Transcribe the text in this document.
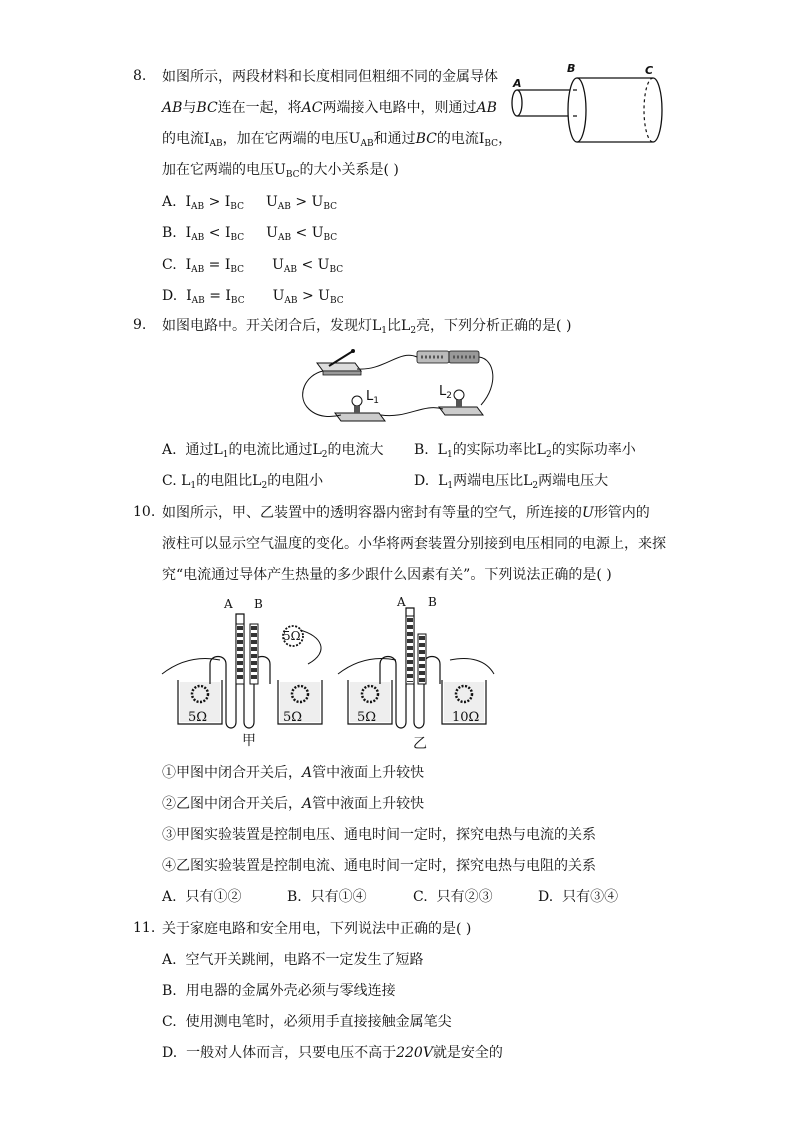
8. 如图所示，两段材料和长度相同但粗细不同的金属导体
AB与BC连在一起，将AC两端接入电路中，则通过AB
的电流$I_{AB}$，加在它两端的电压$U_{AB}$和通过BC的电流$I_{BC}$，
加在它两端的电压$U_{BC}$的大小关系是( )
A
B	C
A. $I_{AB} > I_{BC}$ $U_{AB} > U_{BC}$
B. $I_{AB} < I_{BC}$ $U_{AB} < U_{BC}$
C. $I_{AB} = I_{BC}$ $U_{AB} < U_{BC}$
D. $I_{AB} = I_{BC}$ $U_{AB} > U_{BC}$
9. 如图电路中。开关闭合后，发现灯$L_1$比$L_2$亮，下列分析正确的是( )
$L_1$
$L_2$
A. 通过$L_1$的电流比通过$L_2$的电流大 B. $L_1$的实际功率比$L_2$的实际功率小
C. $L_1$的电阻比$L_2$的电阻小	D. $L_1$两端电压比$L_2$两端电压大
10. 如图所示，甲、乙装置中的透明容器内密封有等量的空气，所连接的U形管内的
液柱可以显示空气温度的变化。小华将两套装置分别接到电压相同的电源上，来探
究“电流通过导体产生热量的多少跟什么因素有关”。下列说法正确的是( )
A B
5Ω
5Ω	5Ω
甲
A B
5Ω	10Ω
乙
①甲图中闭合开关后，A管中液面上升较快
②乙图中闭合开关后，A管中液面上升较快
③甲图实验装置是控制电压、通电时间一定时，探究电热与电流的关系
④乙图实验装置是控制电流、通电时间一定时，探究电热与电阻的关系
A. 只有①②	B. 只有①④	C. 只有②③	D. 只有③④
11. 关于家庭电路和安全用电，下列说法中正确的是( )
A. 空气开关跳闸，电路不一定发生了短路
B. 用电器的金属外壳必须与零线连接
C. 使用测电笔时，必须用手直接接触金属笔尖
D. 一般对人体而言，只要电压不高于220V就是安全的
